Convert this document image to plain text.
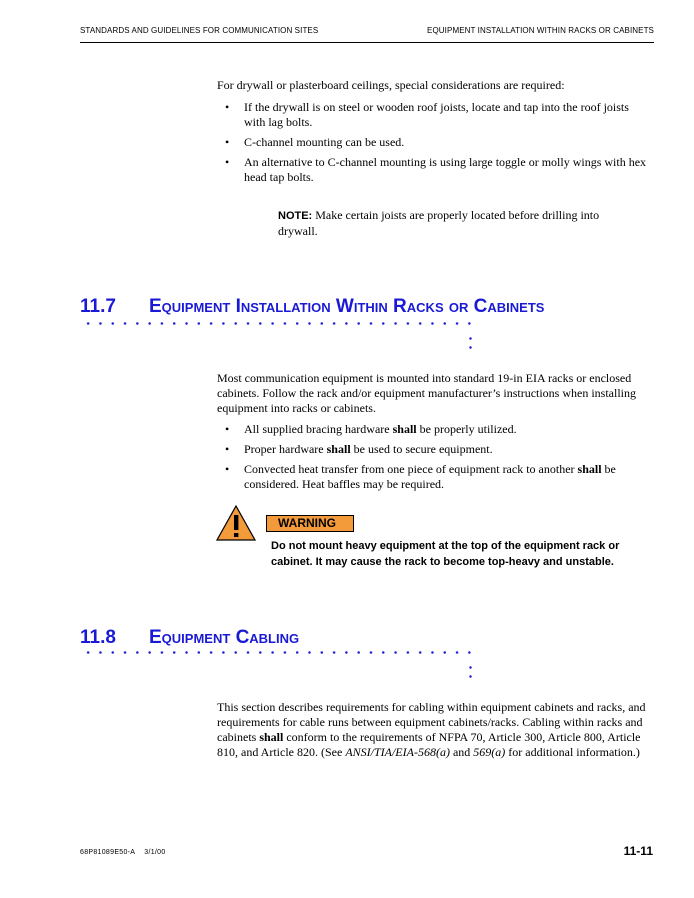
STANDARDS AND GUIDELINES FOR COMMUNICATION SITES	EQUIPMENT INSTALLATION WITHIN RACKS OR CABINETS
For drywall or plasterboard ceilings, special considerations are required:
• If the drywall is on steel or wooden roof joists, locate and tap into the roof joists with lag bolts.
• C-channel mounting can be used.
• An alternative to C-channel mounting is using large toggle or molly wings with hex head tap bolts.
NOTE: Make certain joists are properly located before drilling into drywall.
11.7 Equipment Installation Within Racks or Cabinets
Most communication equipment is mounted into standard 19-in EIA racks or enclosed cabinets. Follow the rack and/or equipment manufacturer’s instructions when installing equipment into racks or cabinets.
• All supplied bracing hardware shall be properly utilized.
• Proper hardware shall be used to secure equipment.
• Convected heat transfer from one piece of equipment rack to another shall be considered. Heat baffles may be required.
WARNING
Do not mount heavy equipment at the top of the equipment rack or cabinet. It may cause the rack to become top-heavy and unstable.
11.8 Equipment Cabling
This section describes requirements for cabling within equipment cabinets and racks, and requirements for cable runs between equipment cabinets/racks. Cabling within racks and cabinets shall conform to the requirements of NFPA 70, Article 300, Article 800, Article 810, and Article 820. (See ANSI/TIA/EIA-568(a) and 569(a) for additional information.)
68P81089E50-A 3/1/00	11-11
